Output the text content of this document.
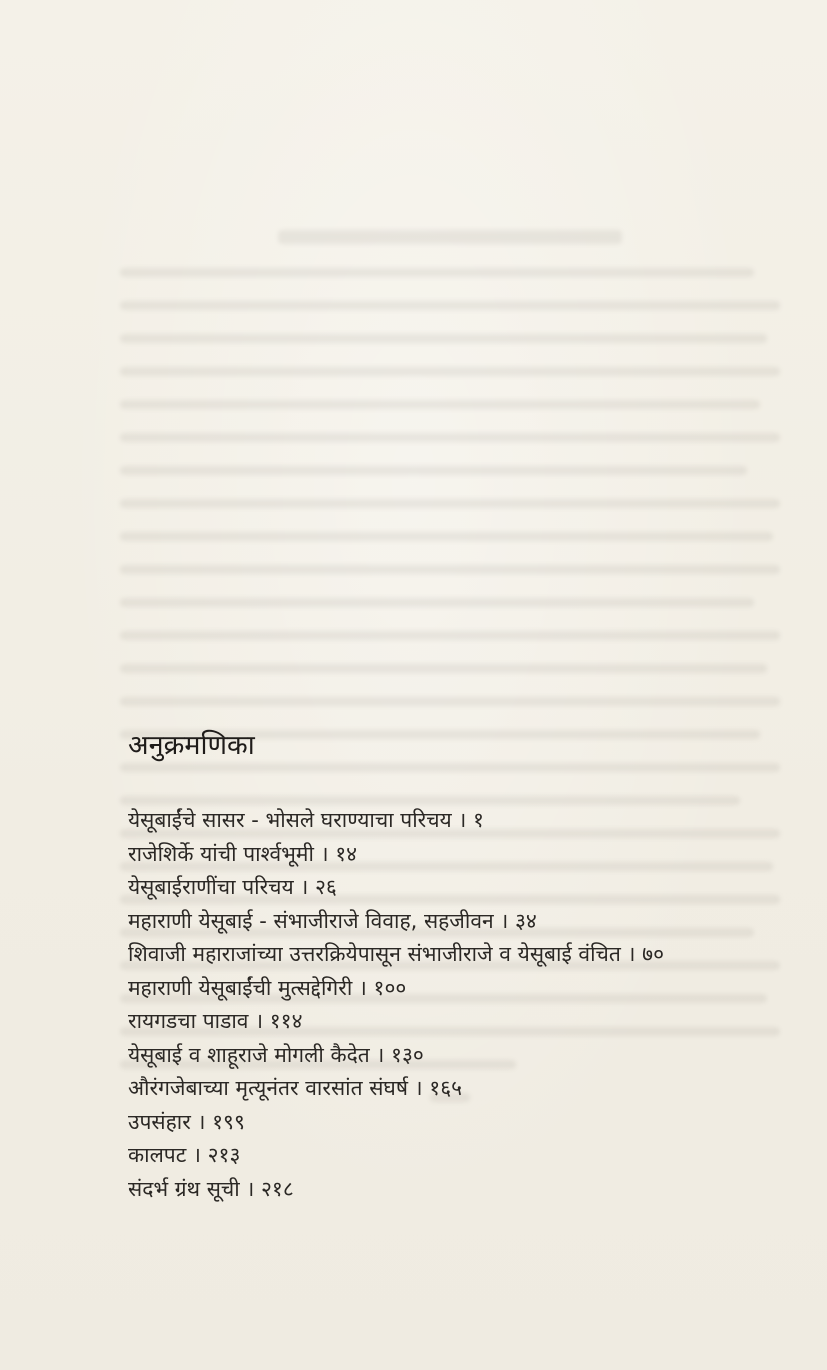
अनुक्रमणिका
येसूबाईंचे सासर - भोसले घराण्याचा परिचय । १
राजेशिर्के यांची पार्श्वभूमी । १४
येसूबाईराणींचा परिचय । २६
महाराणी येसूबाई - संभाजीराजे विवाह, सहजीवन । ३४
शिवाजी महाराजांच्या उत्तरक्रियेपासून संभाजीराजे व येसूबाई वंचित । ७०
महाराणी येसूबाईंची मुत्सद्देगिरी । १००
रायगडचा पाडाव । ११४
येसूबाई व शाहूराजे मोगली कैदेत । १३०
औरंगजेबाच्या मृत्यूनंतर वारसांत संघर्ष । १६५
उपसंहार । १९९
कालपट । २१३
संदर्भ ग्रंथ सूची । २१८
